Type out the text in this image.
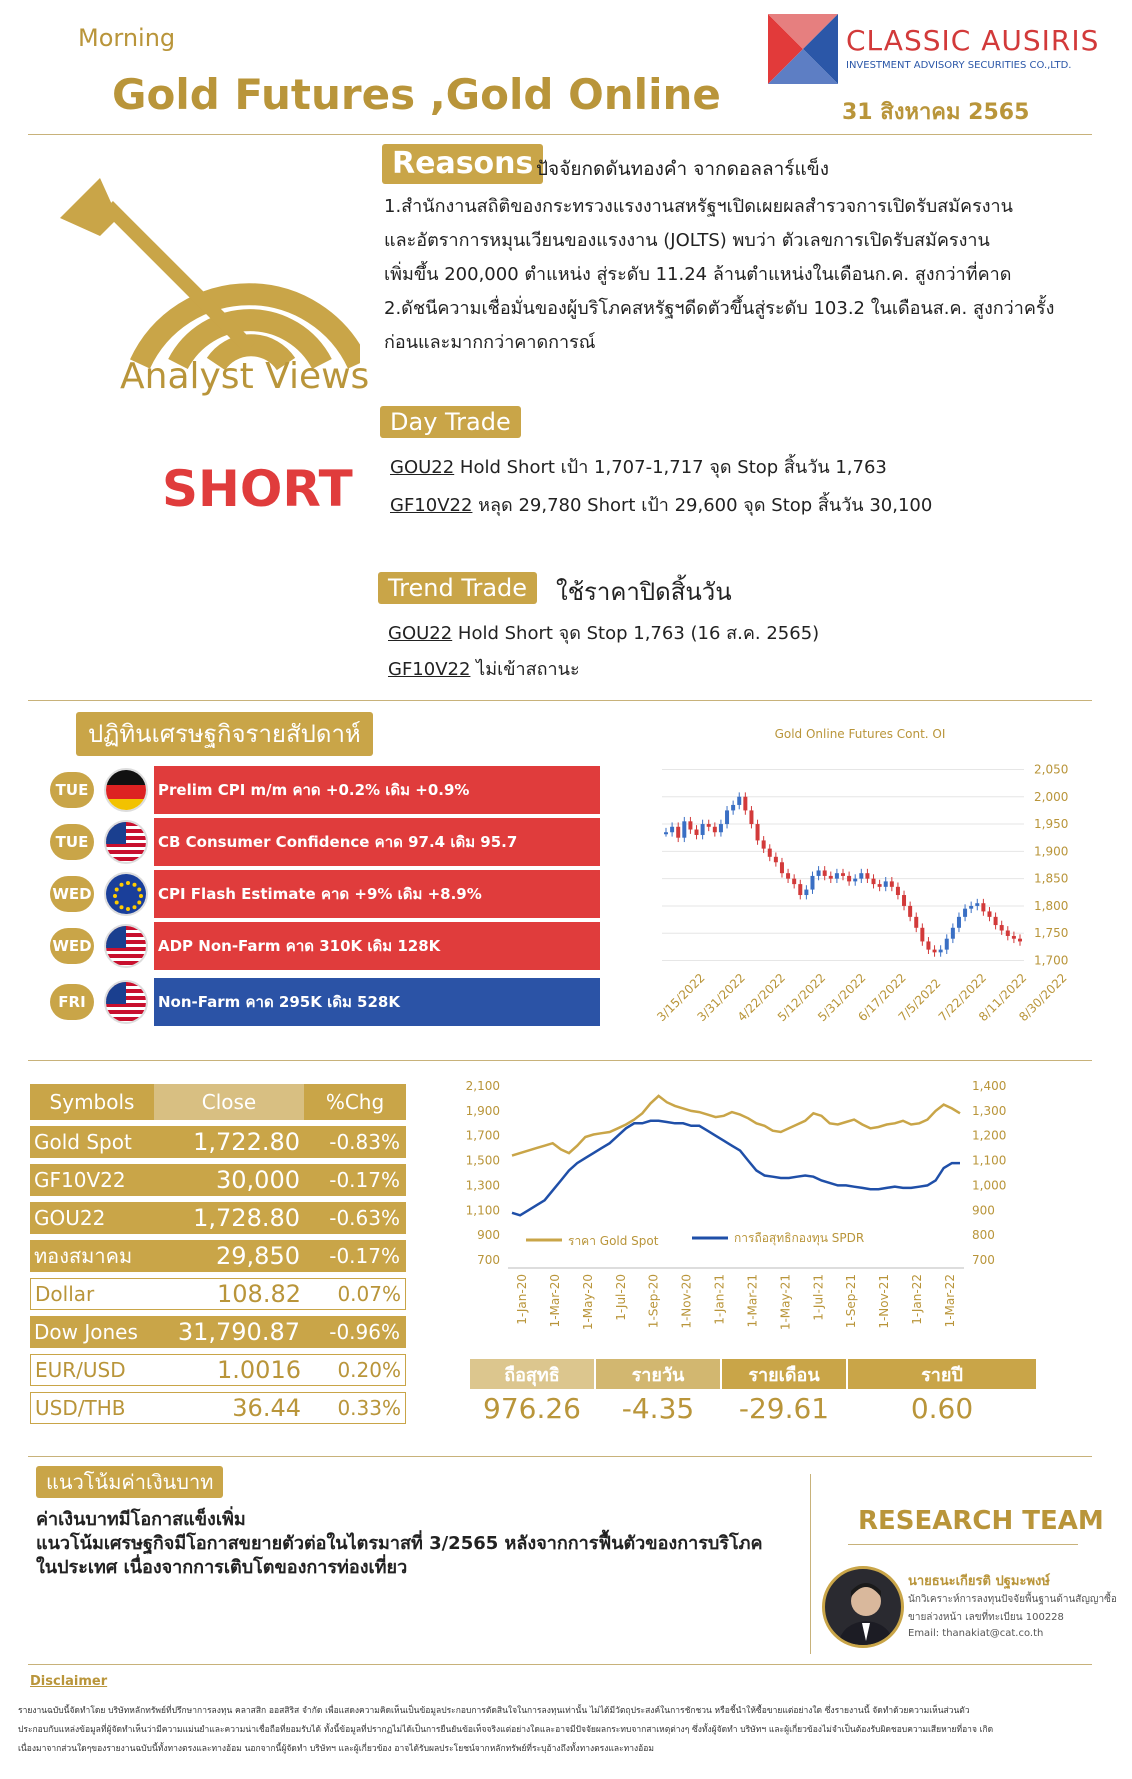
Morning
Gold Futures ,Gold Online
CLASSIC AUSIRIS
INVESTMENT ADVISORY SECURITIES CO.,LTD.
31 สิงหาคม 2565
Analyst Views
SHORT
Reasons ปัจจัยกดดันทองคำ จากดอลลาร์แข็ง
1.สำนักงานสถิติของกระทรวงแรงงานสหรัฐฯเปิดเผยผลสำรวจการเปิดรับสมัครงาน
และอัตราการหมุนเวียนของแรงงาน (JOLTS) พบว่า ตัวเลขการเปิดรับสมัครงาน
เพิ่มขึ้น 200,000 ตำแหน่ง สู่ระดับ 11.24 ล้านตำแหน่งในเดือนก.ค. สูงกว่าที่คาด
2.ดัชนีความเชื่อมั่นของผู้บริโภคสหรัฐฯดีดตัวขึ้นสู่ระดับ 103.2 ในเดือนส.ค. สูงกว่าครั้ง
ก่อนและมากกว่าคาดการณ์
Day Trade
GOU22 Hold Short เป้า 1,707-1,717 จุด Stop สิ้นวัน 1,763
GF10V22 หลุด 29,780 Short เป้า 29,600 จุด Stop สิ้นวัน 30,100
Trend Trade	ใช้ราคาปิดสิ้นวัน
GOU22 Hold Short จุด Stop 1,763 (16 ส.ค. 2565)
GF10V22 ไม่เข้าสถานะ
ปฏิทินเศรษฐกิจรายสัปดาห์
TUE	Prelim CPI m/m คาด +0.2% เดิม +0.9%
TUE	CB Consumer Confidence คาด 97.4 เดิม 95.7
WED	CPI Flash Estimate คาด +9% เดิม +8.9%
WED	ADP Non-Farm คาด 310K เดิม 128K
FRI	Non-Farm คาด 295K เดิม 528K
Gold Online Futures Cont. OI
1,700
1,750
1,800
1,850
1,900
1,950
2,000
2,050
3/15/2022
3/31/2022
4/22/2022
5/12/2022
5/31/2022
6/17/2022
7/5/2022
7/22/2022
8/11/2022
8/30/2022
Symbols	Close	%Chg
Gold Spot	1,722.80	-0.83%
GF10V22	30,000	-0.17%
GOU22	1,728.80	-0.63%
ทองสมาคม	29,850	-0.17%
Dollar	108.82	0.07%
Dow Jones	31,790.87	-0.96%
EUR/USD	1.0016	0.20%
USD/THB	36.44	0.33%
700
900
1,100
1,300
1,500
1,700
1,900
2,100
700
800
900
1,000
1,100
1,200
1,300
1,400
ราคา Gold Spot	การถือสุทธิกองทุน SPDR
1-Jan-20 1-Mar-20 1-May-20 1-Jul-20 1-Sep-20 1-Nov-20 1-Jan-21 1-Mar-21 1-May-21 1-Jul-21 1-Sep-21 1-Nov-21 1-Jan-22 1-Mar-22
ถือสุทธิ	รายวัน	รายเดือน	รายปี
976.26	-4.35	-29.61	0.60
แนวโน้มค่าเงินบาท
ค่าเงินบาทมีโอกาสแข็งเพิ่ม
แนวโน้มเศรษฐกิจมีโอกาสขยายตัวต่อในไตรมาสที่ 3/2565 หลังจากการฟื้นตัวของการบริโภค
ในประเทศ เนื่องจากการเติบโตของการท่องเที่ยว
RESEARCH TEAM
นายธนะเกียรติ ปฐมะพงษ์
นักวิเคราะห์การลงทุนปัจจัยพื้นฐานด้านสัญญาซื้อ
ขายล่วงหน้า เลขที่ทะเบียน 100228
Email: thanakiat@cat.co.th
Disclaimer
รายงานฉบับนี้จัดทำโดย บริษัทหลักทรัพย์ที่ปรึกษาการลงทุน คลาสสิก ออสสิริส จำกัด เพื่อแสดงความคิดเห็นเป็นข้อมูลประกอบการตัดสินใจในการลงทุนเท่านั้น ไม่ได้มีวัตถุประสงค์ในการชักชวน หรือชี้นำให้ซื้อขายแต่อย่างใด ซึ่งรายงานนี้ จัดทำด้วยความเห็นส่วนตัว
ประกอบกับแหล่งข้อมูลที่ผู้จัดทำเห็นว่ามีความแม่นยำและความน่าเชื่อถือที่ยอมรับได้ ทั้งนี้ข้อมูลที่ปรากฏไม่ได้เป็นการยืนยันข้อเท็จจริงแต่อย่างใดและอาจมีปัจจัยผลกระทบจากสาเหตุต่างๆ ซึ่งทั้งผู้จัดทำ บริษัทฯ และผู้เกี่ยวข้องไม่จำเป็นต้องรับผิดชอบความเสียหายที่อาจ เกิด
เนื่องมาจากส่วนใดๆของรายงานฉบับนี้ทั้งทางตรงและทางอ้อม นอกจากนี้ผู้จัดทำ บริษัทฯ และผู้เกี่ยวข้อง อาจได้รับผลประโยชน์จากหลักทรัพย์ที่ระบุอ้างถึงทั้งทางตรงและทางอ้อม
